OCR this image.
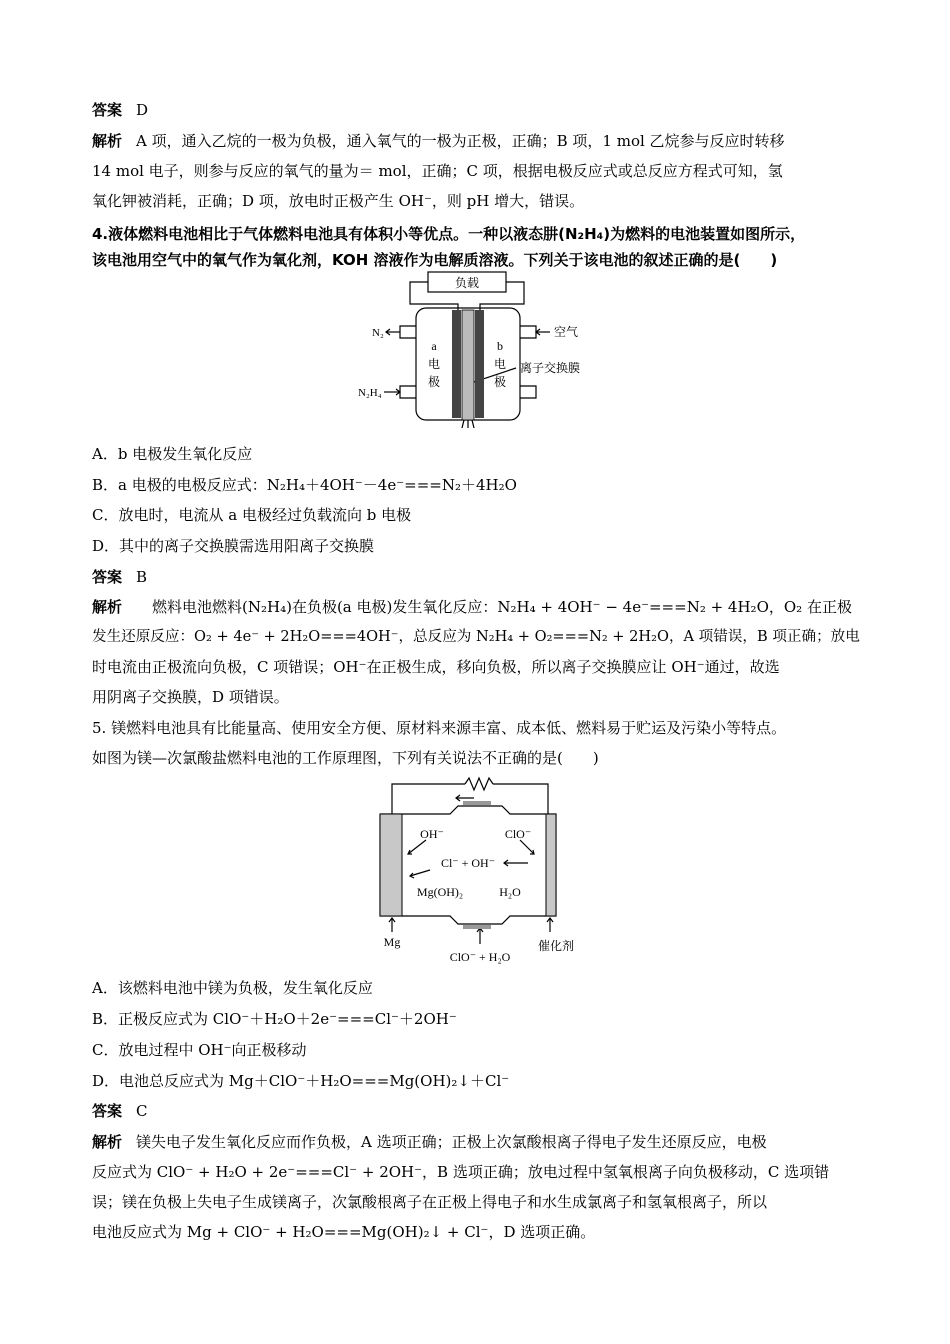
答案 D
解析 A 项，通入乙烷的一极为负极，通入氧气的一极为正极，正确；B 项，1 mol 乙烷参与反应时转移
14 mol 电子，则参与反应的氧气的量为＝ mol，正确；C 项，根据电极反应式或总反应方程式可知，氢
氧化钾被消耗，正确；D 项，放电时正极产生 OH⁻，则 pH 增大，错误。
4.液体燃料电池相比于气体燃料电池具有体积小等优点。一种以液态肼(N₂H₄)为燃料的电池装置如图所示，
该电池用空气中的氧气作为氧化剂，KOH 溶液作为电解质溶液。下列关于该电池的叙述正确的是(　　)
负载
N₂	空气
N₂H₄
a
电
极
b
电
极
离子交换膜
A．b 电极发生氧化反应
B．a 电极的电极反应式：N₂H₄＋4OH⁻－4e⁻===N₂＋4H₂O
C．放电时，电流从 a 电极经过负载流向 b 电极
D．其中的离子交换膜需选用阳离子交换膜
答案 B
解析 燃料电池燃料(N₂H₄)在负极(a 电极)发生氧化反应：N₂H₄ + 4OH⁻ − 4e⁻===N₂ + 4H₂O，O₂ 在正极
发生还原反应：O₂ + 4e⁻ + 2H₂O===4OH⁻，总反应为 N₂H₄ + O₂===N₂ + 2H₂O，A 项错误，B 项正确；放电
时电流由正极流向负极，C 项错误；OH⁻在正极生成，移向负极，所以离子交换膜应让 OH⁻通过，故选
用阴离子交换膜，D 项错误。
5. 镁燃料电池具有比能量高、使用安全方便、原材料来源丰富、成本低、燃料易于贮运及污染小等特点。
如图为镁—次氯酸盐燃料电池的工作原理图，下列有关说法不正确的是(　　)
OH⁻	ClO⁻
Cl⁻ + OH⁻
Mg(OH)₂	H₂O
Mg
ClO⁻ + H₂O
催化剂
A．该燃料电池中镁为负极，发生氧化反应
B．正极反应式为 ClO⁻＋H₂O＋2e⁻===Cl⁻＋2OH⁻
C．放电过程中 OH⁻向正极移动
D．电池总反应式为 Mg＋ClO⁻＋H₂O===Mg(OH)₂↓＋Cl⁻
答案 C
解析 镁失电子发生氧化反应而作负极，A 选项正确；正极上次氯酸根离子得电子发生还原反应，电极
反应式为 ClO⁻ + H₂O + 2e⁻===Cl⁻ + 2OH⁻，B 选项正确；放电过程中氢氧根离子向负极移动，C 选项错
误；镁在负极上失电子生成镁离子，次氯酸根离子在正极上得电子和水生成氯离子和氢氧根离子，所以
电池反应式为 Mg + ClO⁻ + H₂O===Mg(OH)₂↓ + Cl⁻，D 选项正确。
